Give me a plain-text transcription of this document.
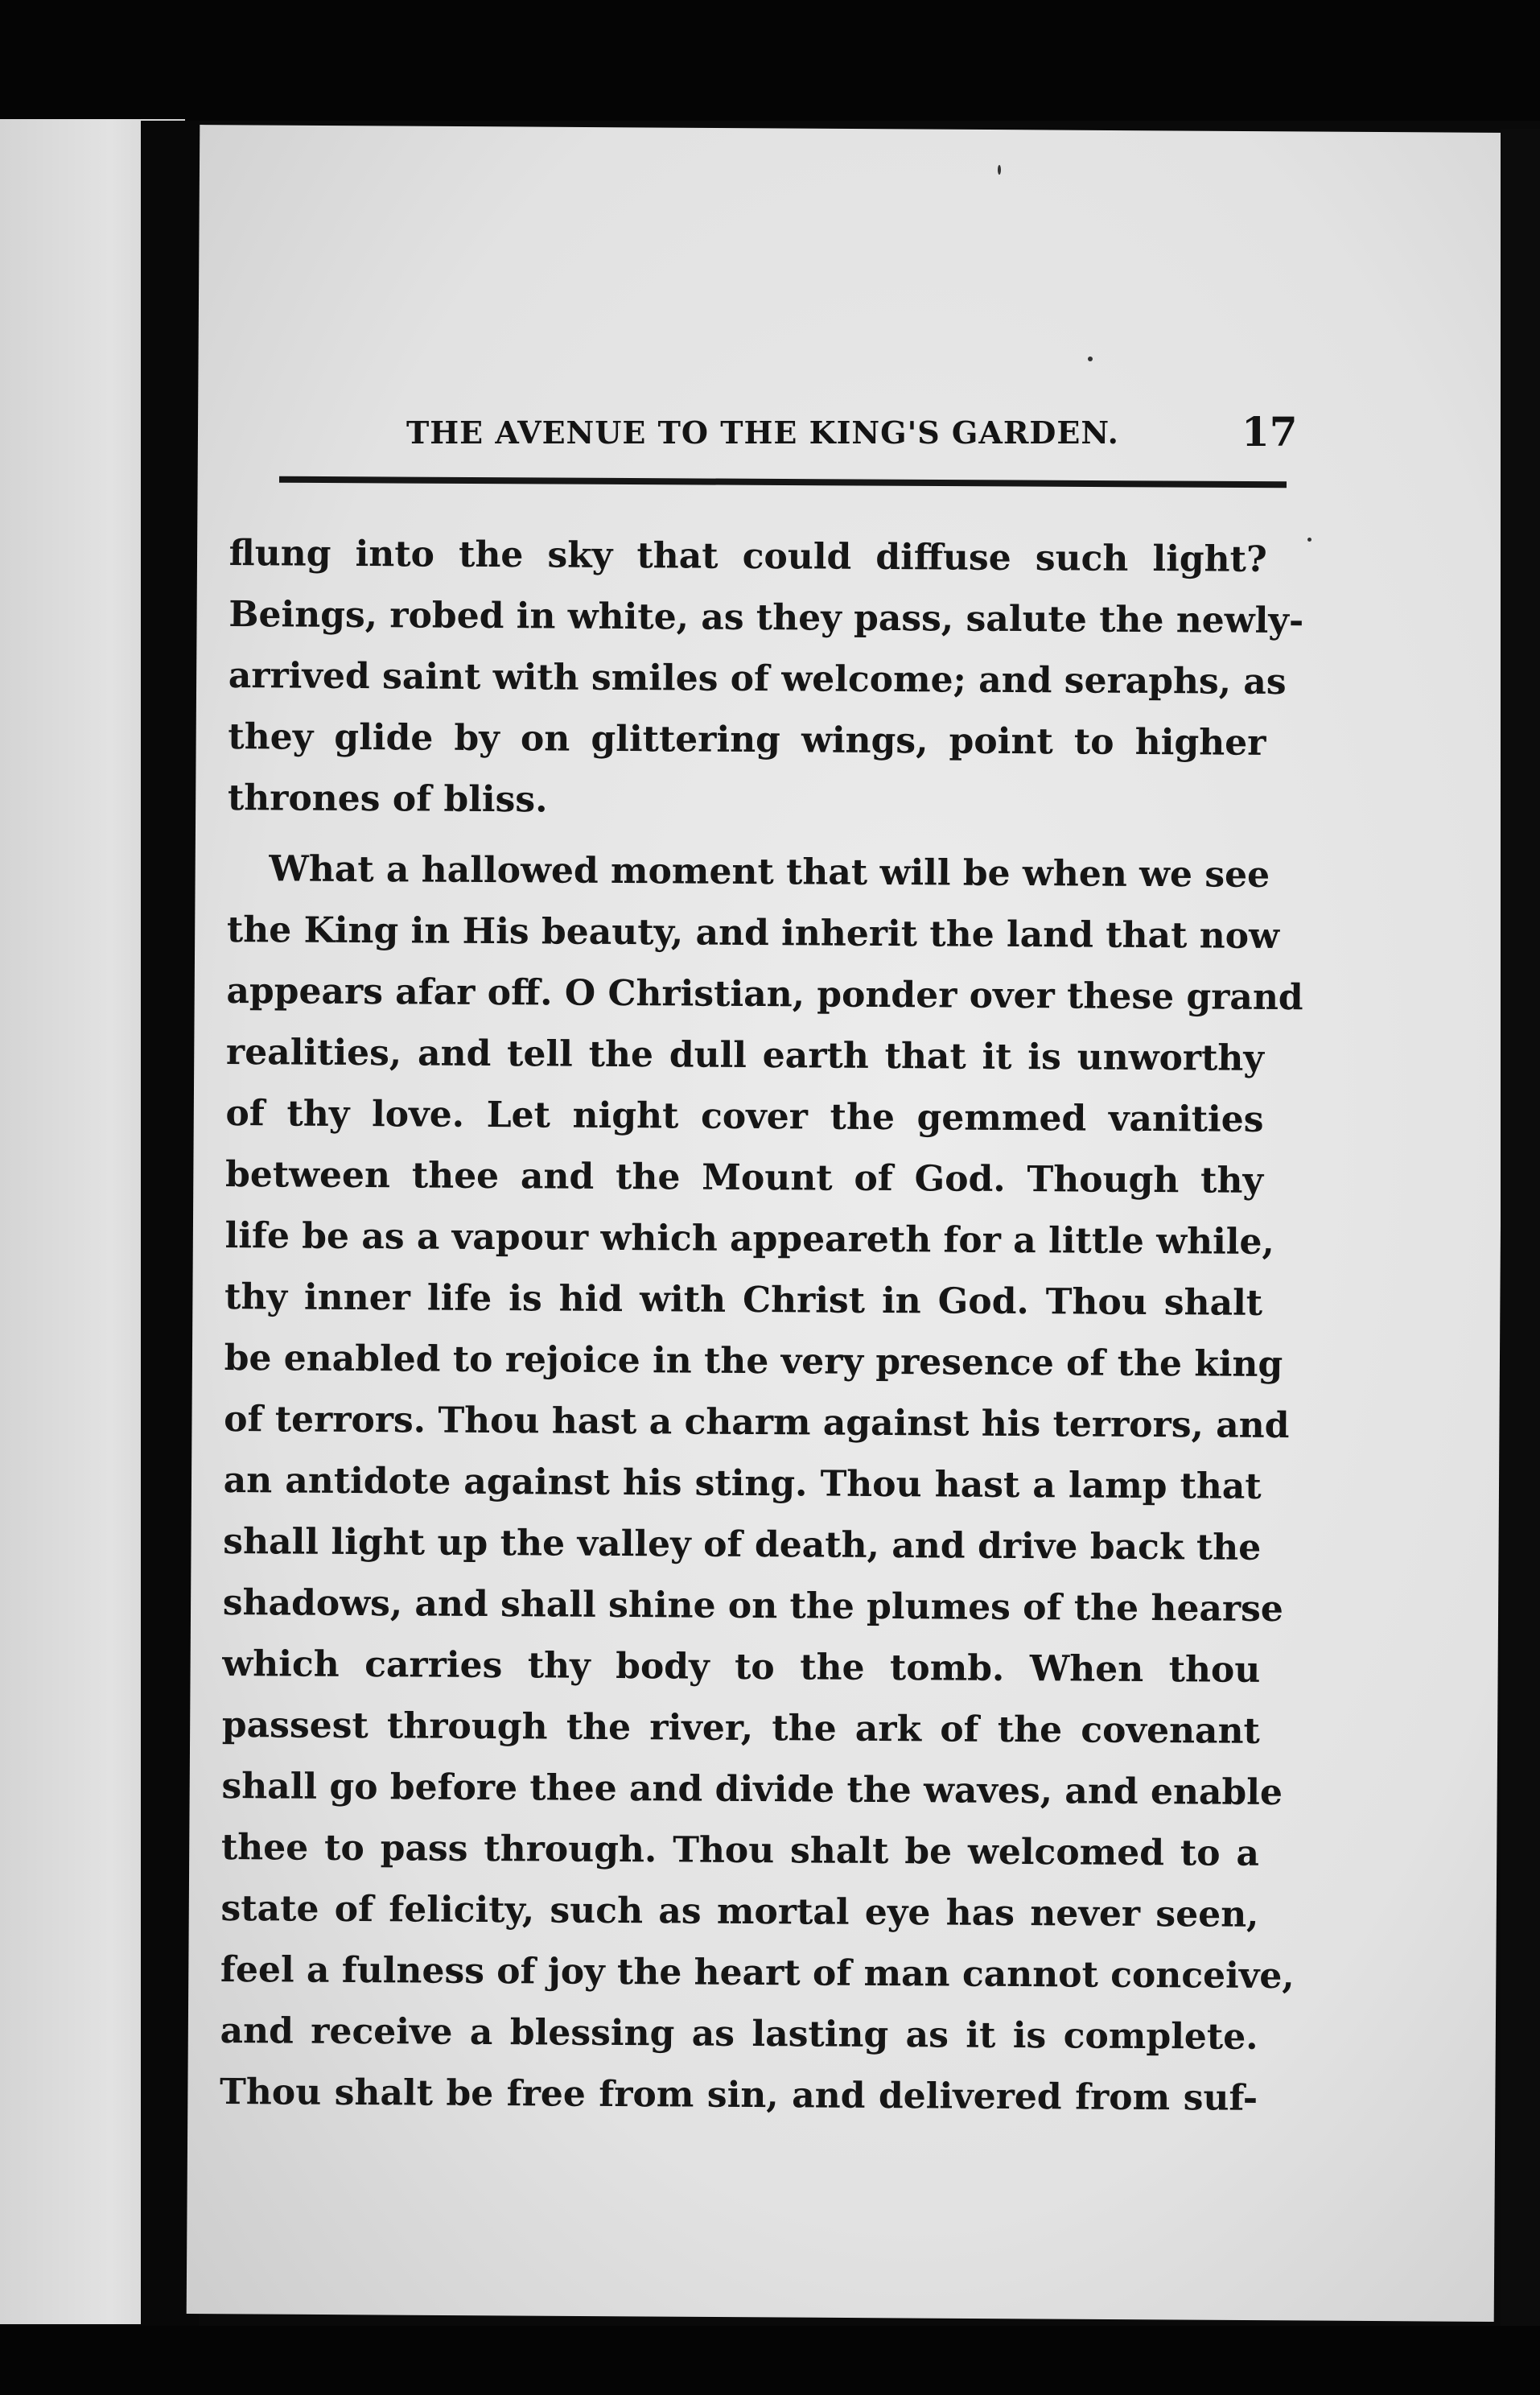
THE AVENUE TO THE KING'S GARDEN.	17
flung into the sky that could diffuse such light?
Beings, robed in white, as they pass, salute the newly-
arrived saint with smiles of welcome; and seraphs, as
they glide by on glittering wings, point to higher
thrones of bliss.
What a hallowed moment that will be when we see
the King in His beauty, and inherit the land that now
appears afar off. O Christian, ponder over these grand
realities, and tell the dull earth that it is unworthy
of thy love. Let night cover the gemmed vanities
between thee and the Mount of God. Though thy
life be as a vapour which appeareth for a little while,
thy inner life is hid with Christ in God. Thou shalt
be enabled to rejoice in the very presence of the king
of terrors. Thou hast a charm against his terrors, and
an antidote against his sting. Thou hast a lamp that
shall light up the valley of death, and drive back the
shadows, and shall shine on the plumes of the hearse
which carries thy body to the tomb. When thou
passest through the river, the ark of the covenant
shall go before thee and divide the waves, and enable
thee to pass through. Thou shalt be welcomed to a
state of felicity, such as mortal eye has never seen,
feel a fulness of joy the heart of man cannot conceive,
and receive a blessing as lasting as it is complete.
Thou shalt be free from sin, and delivered from suf-
